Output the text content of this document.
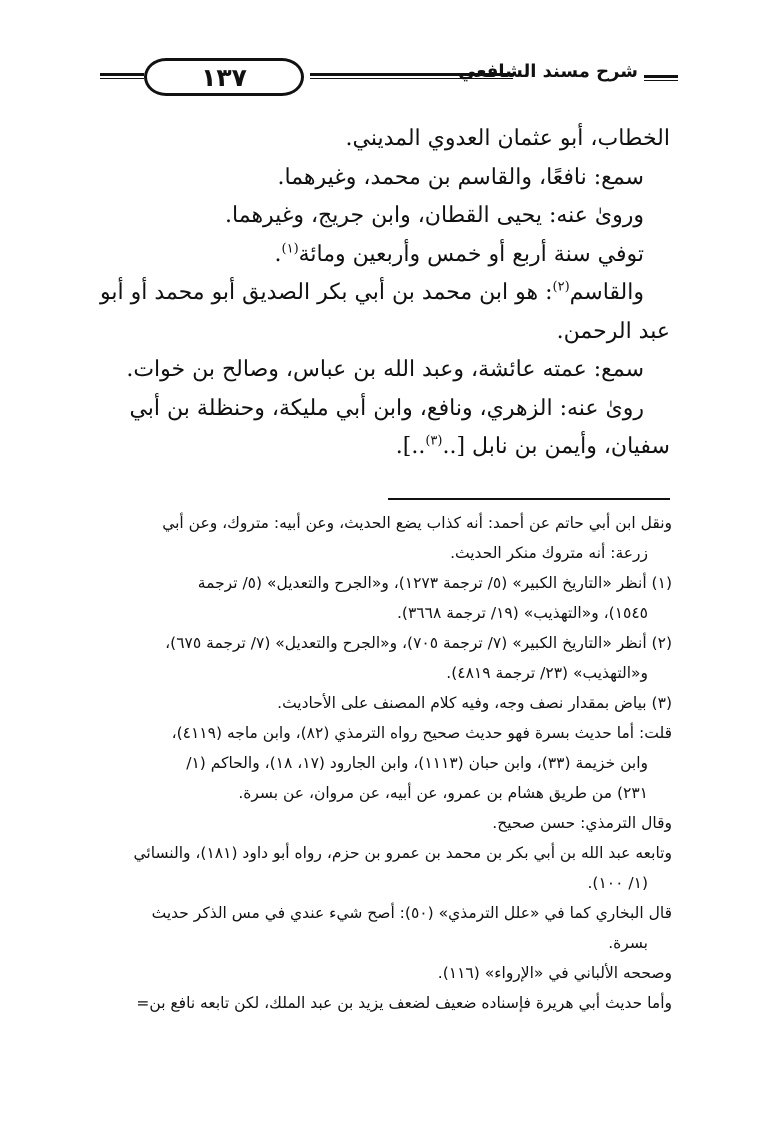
١٣٧	شرح مسند الشافعي
الخطاب، أبو عثمان العدوي المديني.
سمع: نافعًا، والقاسم بن محمد، وغيرهما.
ورویٰ عنه: يحيى القطان، وابن جريج، وغيرهما.
توفي سنة أربع أو خمس وأربعين ومائة$^{(١)}$.
والقاسم$^{(٢)}$: هو ابن محمد بن أبي بكر الصديق أبو محمد أو أبو
عبد الرحمن.
سمع: عمته عائشة، وعبد الله بن عباس، وصالح بن خوات.
رویٰ عنه: الزهري، ونافع، وابن أبي مليكة، وحنظلة بن أبي
سفيان، وأيمن بن نابل [..$^{(٣)}$..].
ونقل ابن أبي حاتم عن أحمد: أنه كذاب يضع الحديث، وعن أبيه: متروك، وعن أبي
زرعة: أنه متروك منكر الحديث.
(١) أنظر «التاريخ الكبير» (٥/ ترجمة ١٢٧٣)، و«الجرح والتعديل» (٥/ ترجمة
١٥٤٥)، و«التهذيب» (١٩/ ترجمة ٣٦٦٨).
(٢) أنظر «التاريخ الكبير» (٧/ ترجمة ٧٠٥)، و«الجرح والتعديل» (٧/ ترجمة ٦٧٥)،
و«التهذيب» (٢٣/ ترجمة ٤٨١٩).
(٣) بياض بمقدار نصف وجه، وفيه كلام المصنف على الأحاديث.
قلت: أما حديث بسرة فهو حديث صحيح رواه الترمذي (٨٢)، وابن ماجه (٤١١٩)،
وابن خزيمة (٣٣)، وابن حبان (١١١٣)، وابن الجارود (١٧، ١٨)، والحاكم (١/
٢٣١) من طريق هشام بن عمرو، عن أبيه، عن مروان، عن بسرة.
وقال الترمذي: حسن صحيح.
وتابعه عبد الله بن أبي بكر بن محمد بن عمرو بن حزم، رواه أبو داود (١٨١)، والنسائي
(١/ ١٠٠).
قال البخاري كما في «علل الترمذي» (٥٠): أصح شيء عندي في مس الذكر حديث
بسرة.
وصححه الألباني في «الإرواء» (١١٦).
وأما حديث أبي هريرة فإسناده ضعيف لضعف يزيد بن عبد الملك، لكن تابعه نافع بن=
